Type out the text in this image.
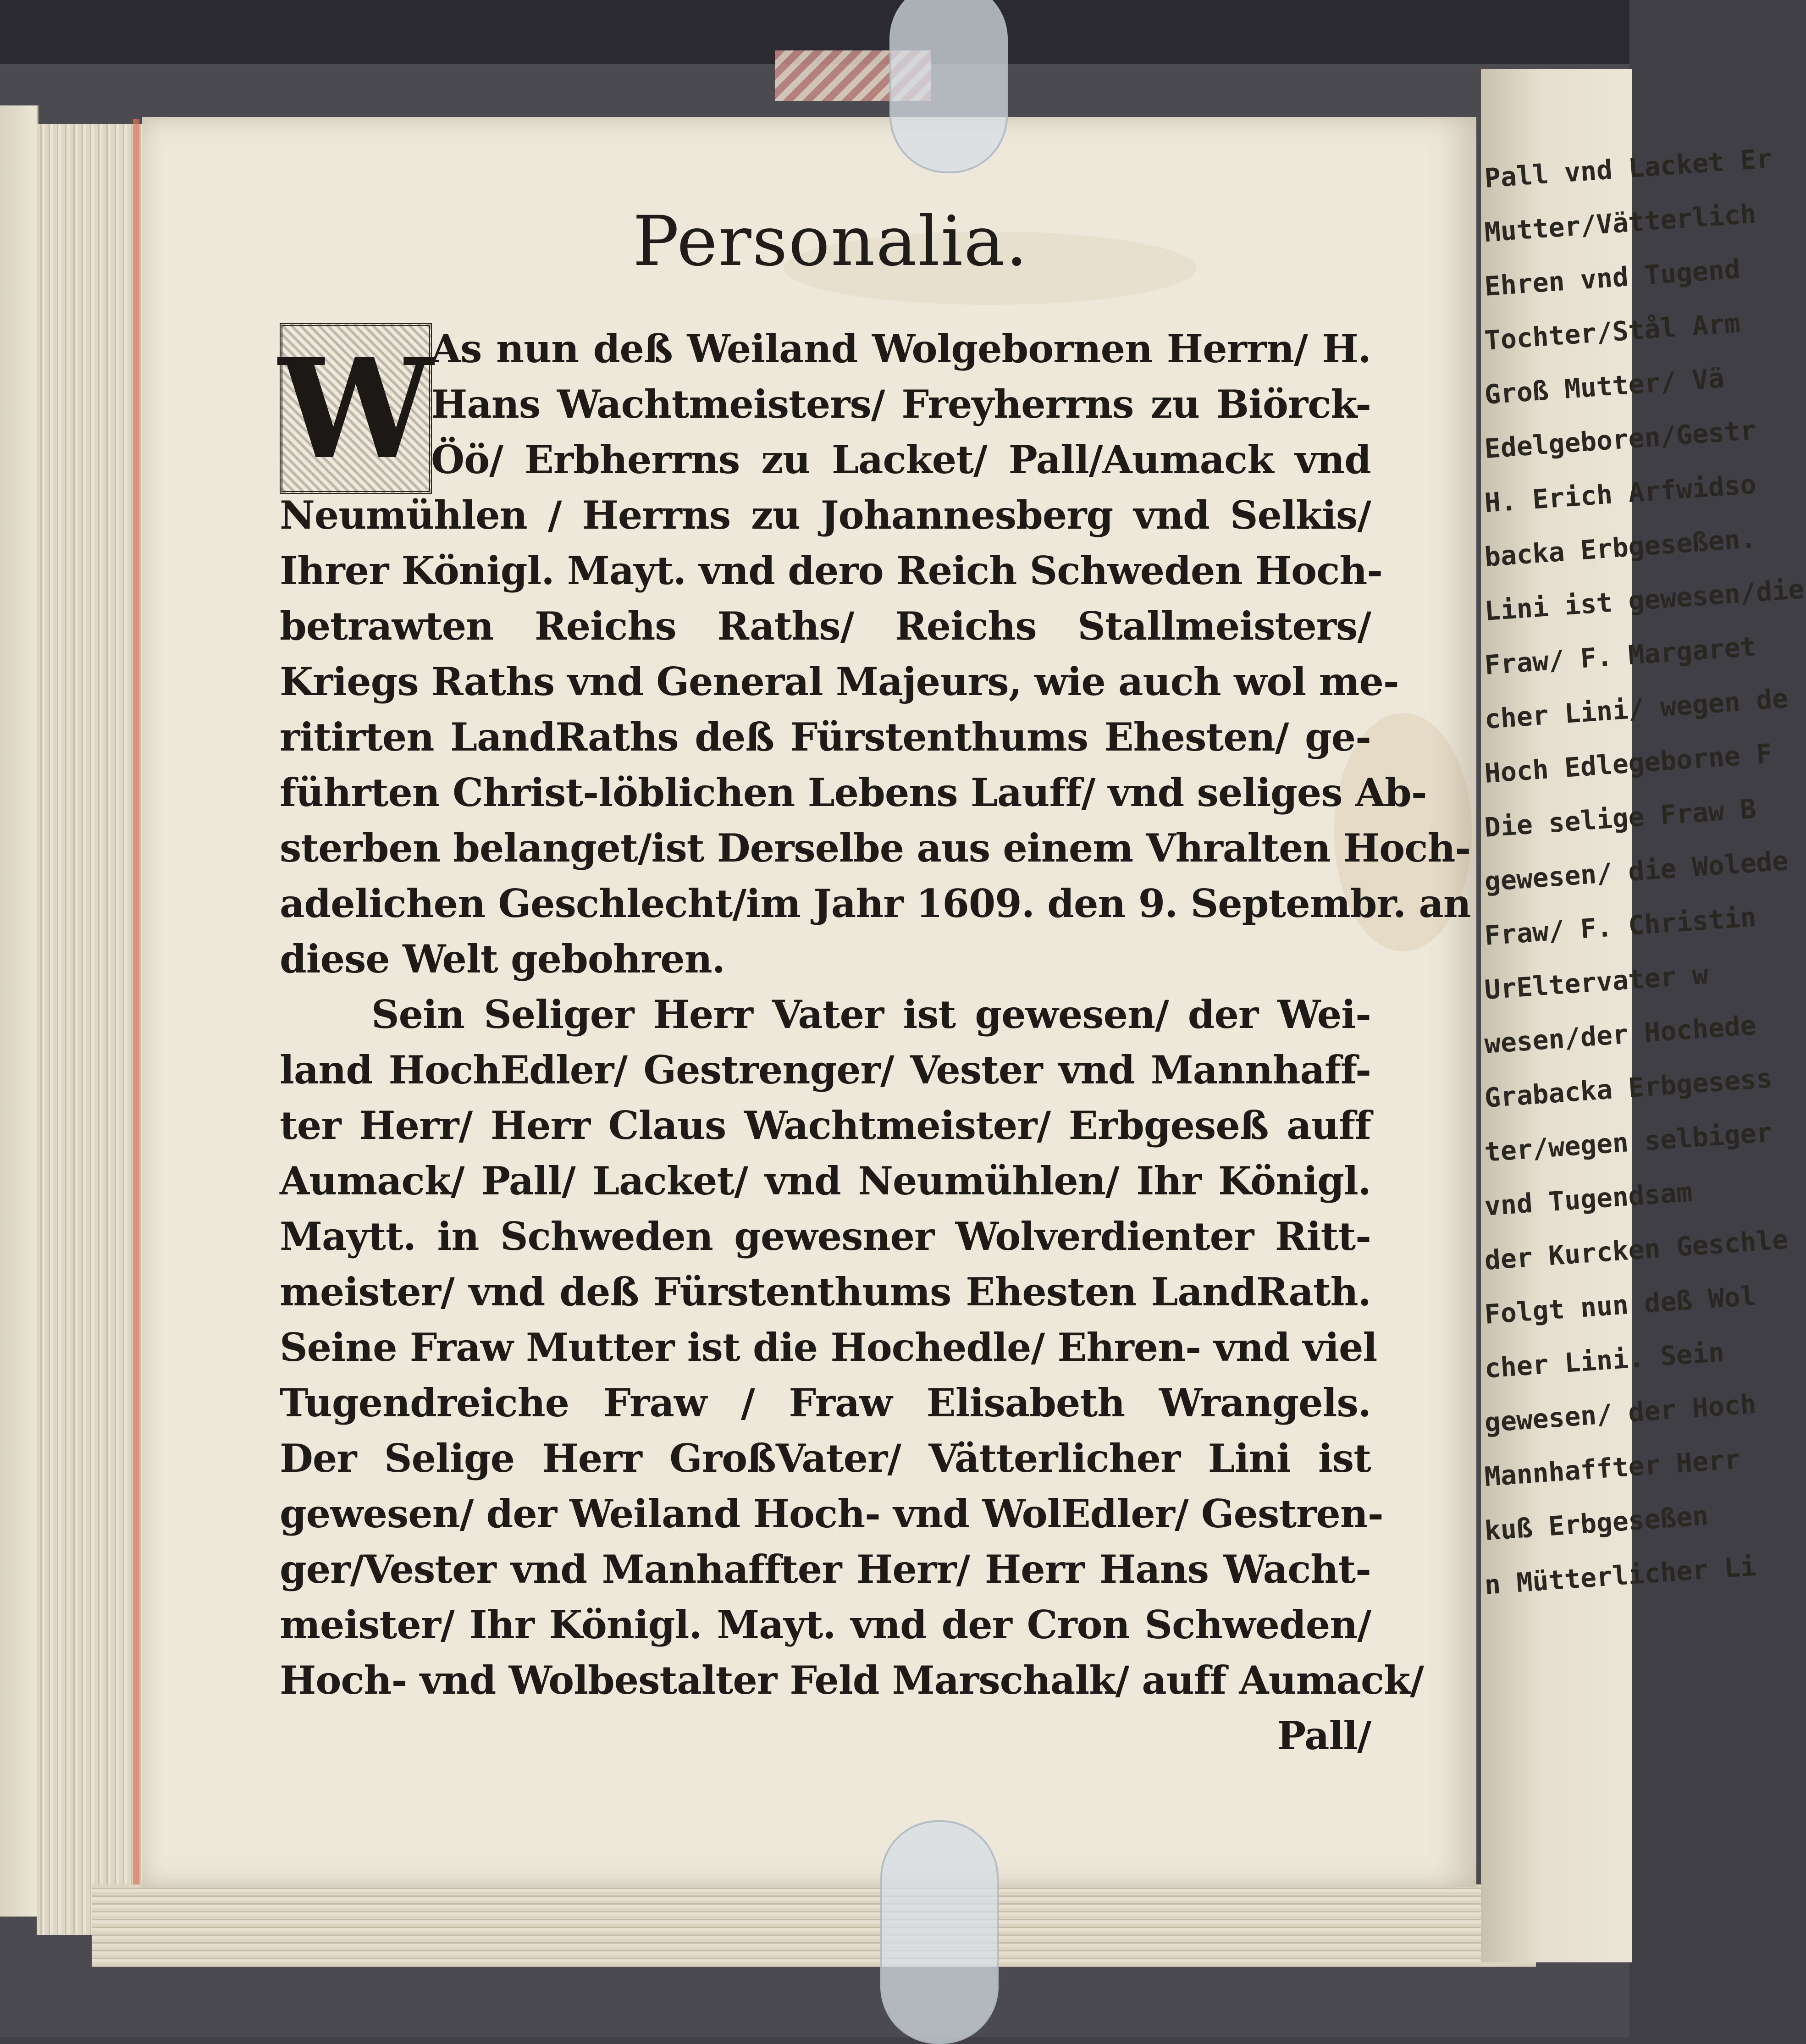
Pall vnd Lacket Er
Mutter/Vätterlich
Ehren vnd Tugend
Tochter/Stål Arm
Groß Mutter/ Vä
Edelgeboren/Gestr
H. Erich Arfwidso
backa Erbgeseßen.
Lini ist gewesen/die
Fraw/ F. Margaret
cher Lini/ wegen de
Hoch Edlegeborne F
Die selige Fraw B
gewesen/ die Wolede
Fraw/ F. Christin
UrEltervater w
wesen/der Hochede
Grabacka Erbgesess
ter/wegen selbiger
vnd Tugendsam
der Kurcken Geschle
Folgt nun deß Wol
cher Lini. Sein
gewesen/ der Hoch
Mannhaffter Herr
kuß Erbgeseßen
n Mütterlicher Li
Personalia.
W
As nun deß Weiland Wolgebornen Herrn/ H.
Hans Wachtmeisters/ Freyherrns zu Biörck-
Öö/ Erbherrns zu Lacket/ Pall/Aumack vnd
Neumühlen / Herrns zu Johannesberg vnd Selkis/
Ihrer Königl. Mayt. vnd dero Reich Schweden Hoch-
betrawten Reichs Raths/ Reichs Stallmeisters/
Kriegs Raths vnd General Majeurs, wie auch wol me-
ritirten LandRaths deß Fürstenthums Ehesten/ ge-
führten Christ-löblichen Lebens Lauff/ vnd seliges Ab-
sterben belanget/ist Derselbe aus einem Vhralten Hoch-
adelichen Geschlecht/im Jahr 1609. den 9. Septembr. an
diese Welt gebohren.
Sein Seliger Herr Vater ist gewesen/ der Wei-
land HochEdler/ Gestrenger/ Vester vnd Mannhaff-
ter Herr/ Herr Claus Wachtmeister/ Erbgeseß auff
Aumack/ Pall/ Lacket/ vnd Neumühlen/ Ihr Königl.
Maytt. in Schweden gewesner Wolverdienter Ritt-
meister/ vnd deß Fürstenthums Ehesten LandRath.
Seine Fraw Mutter ist die Hochedle/ Ehren- vnd viel
Tugendreiche Fraw / Fraw Elisabeth Wrangels.
Der Selige Herr GroßVater/ Vätterlicher Lini ist
gewesen/ der Weiland Hoch- vnd WolEdler/ Gestren-
ger/Vester vnd Manhaffter Herr/ Herr Hans Wacht-
meister/ Ihr Königl. Mayt. vnd der Cron Schweden/
Hoch- vnd Wolbestalter Feld Marschalk/ auff Aumack/
Pall/
